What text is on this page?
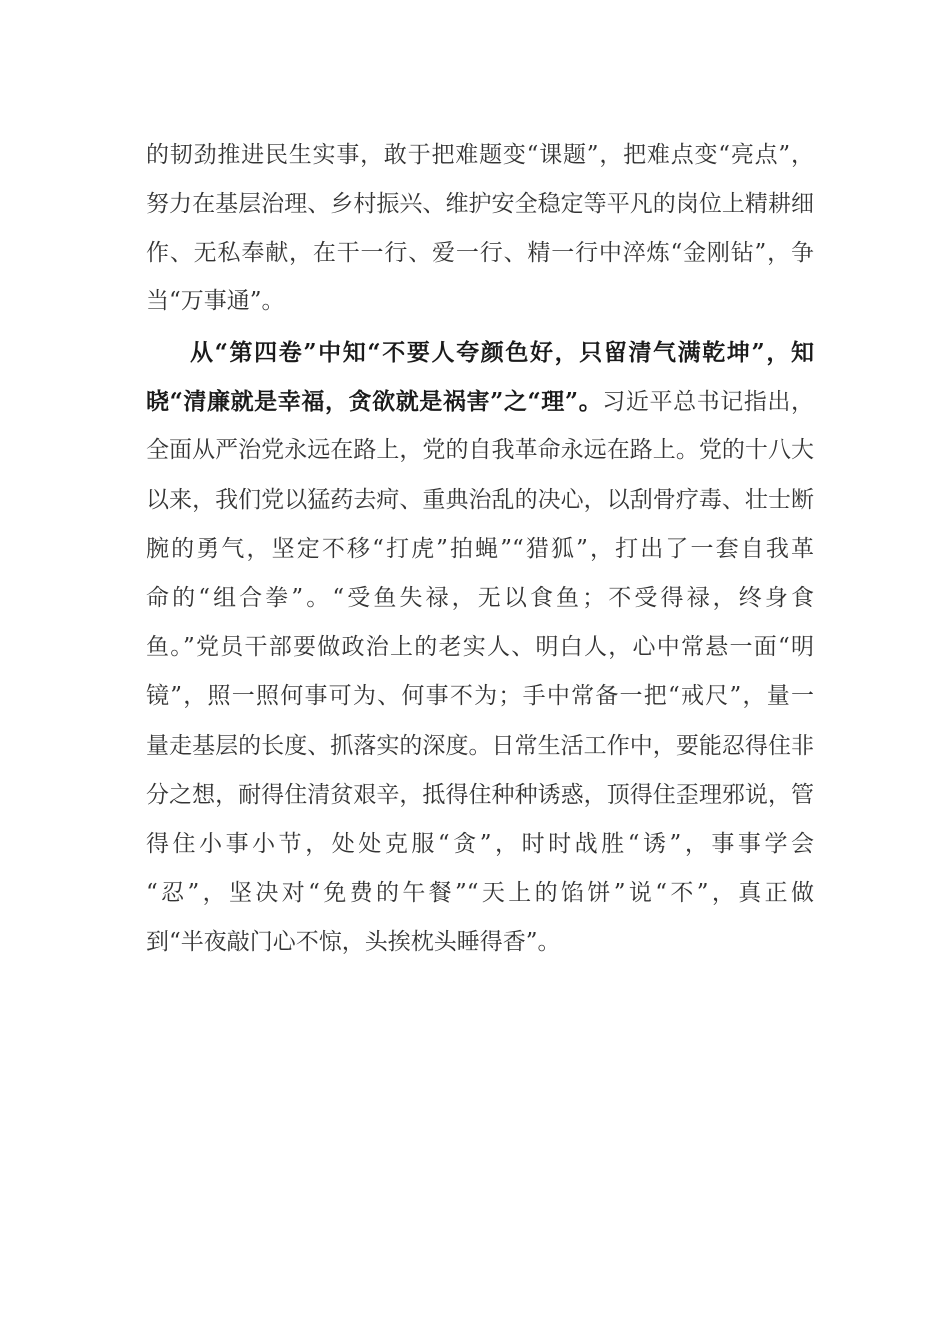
的韧劲推进民生实事，敢于把难题变“课题”，把难点变“亮点”，
努力在基层治理、乡村振兴、维护安全稳定等平凡的岗位上精耕细
作、无私奉献，在干一行、爱一行、精一行中淬炼“金刚钻”，争
当“万事通”。
从“第四卷”中知“不要人夸颜色好，只留清气满乾坤”，知
晓“清廉就是幸福，贪欲就是祸害”之“理”。习近平总书记指出，
全面从严治党永远在路上，党的自我革命永远在路上。党的十八大
以来，我们党以猛药去疴、重典治乱的决心，以刮骨疗毒、壮士断
腕的勇气，坚定不移“打虎”拍蝇”“猎狐”，打出了一套自我革
命的“组合拳”。“受鱼失禄，无以食鱼；不受得禄，终身食
鱼。”党员干部要做政治上的老实人、明白人，心中常悬一面“明
镜”，照一照何事可为、何事不为；手中常备一把“戒尺”，量一
量走基层的长度、抓落实的深度。日常生活工作中，要能忍得住非
分之想，耐得住清贫艰辛，抵得住种种诱惑，顶得住歪理邪说，管
得住小事小节，处处克服“贪”，时时战胜“诱”，事事学会
“忍”，坚决对“免费的午餐”“天上的馅饼”说“不”，真正做
到“半夜敲门心不惊，头挨枕头睡得香”。
